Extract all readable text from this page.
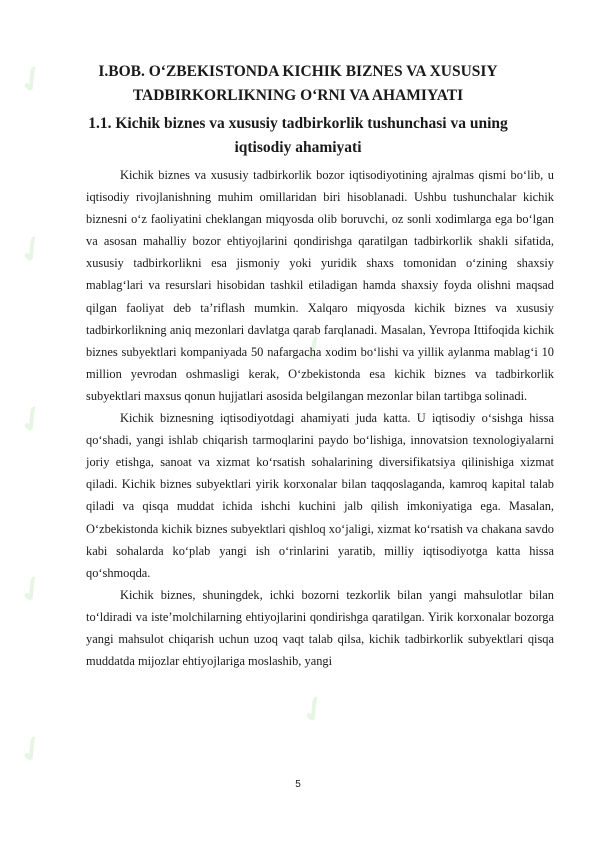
✓
✓
✓
✓
✓
✓
✓
I.BOB. O‘ZBEKISTONDA KICHIK BIZNES VA XUSUSIY TADBIRKORLIKNING O‘RNI VA AHAMIYATI
1.1. Kichik biznes va xususiy tadbirkorlik tushunchasi va uning iqtisodiy ahamiyati

Kichik biznes va xususiy tadbirkorlik bozor iqtisodiyotining ajralmas qismi bo‘lib, u iqtisodiy rivojlanishning muhim omillaridan biri hisoblanadi. Ushbu tushunchalar kichik biznesni o‘z faoliyatini cheklangan miqyosda olib boruvchi, oz sonli xodimlarga ega bo‘lgan va asosan mahalliy bozor ehtiyojlarini qondirishga qaratilgan tadbirkorlik shakli sifatida, xususiy tadbirkorlikni esa jismoniy yoki yuridik shaxs tomonidan o‘zining shaxsiy mablag‘lari va resurslari hisobidan tashkil etiladigan hamda shaxsiy foyda olishni maqsad qilgan faoliyat deb ta’riflash mumkin. Xalqaro miqyosda kichik biznes va xususiy tadbirkorlikning aniq mezonlari davlatga qarab farqlanadi. Masalan, Yevropa Ittifoqida kichik biznes subyektlari kompaniyada 50 nafargacha xodim bo‘lishi va yillik aylanma mablag‘i 10 million yevrodan oshmasligi kerak, O‘zbekistonda esa kichik biznes va tadbirkorlik subyektlari maxsus qonun hujjatlari asosida belgilangan mezonlar bilan tartibga solinadi.

Kichik biznesning iqtisodiyotdagi ahamiyati juda katta. U iqtisodiy o‘sishga hissa qo‘shadi, yangi ishlab chiqarish tarmoqlarini paydo bo‘lishiga, innovatsion texnologiyalarni joriy etishga, sanoat va xizmat ko‘rsatish sohalarining diversifikatsiya qilinishiga xizmat qiladi. Kichik biznes subyektlari yirik korxonalar bilan taqqoslaganda, kamroq kapital talab qiladi va qisqa muddat ichida ishchi kuchini jalb qilish imkoniyatiga ega. Masalan, O‘zbekistonda kichik biznes subyektlari qishloq xo‘jaligi, xizmat ko‘rsatish va chakana savdo kabi sohalarda ko‘plab yangi ish o‘rinlarini yaratib, milliy iqtisodiyotga katta hissa qo‘shmoqda.

Kichik biznes, shuningdek, ichki bozorni tezkorlik bilan yangi mahsulotlar bilan to‘ldiradi va iste’molchilarning ehtiyojlarini qondirishga qaratilgan. Yirik korxonalar bozorga yangi mahsulot chiqarish uchun uzoq vaqt talab qilsa, kichik tadbirkorlik subyektlari qisqa muddatda mijozlar ehtiyojlariga moslashib, yangi

5
